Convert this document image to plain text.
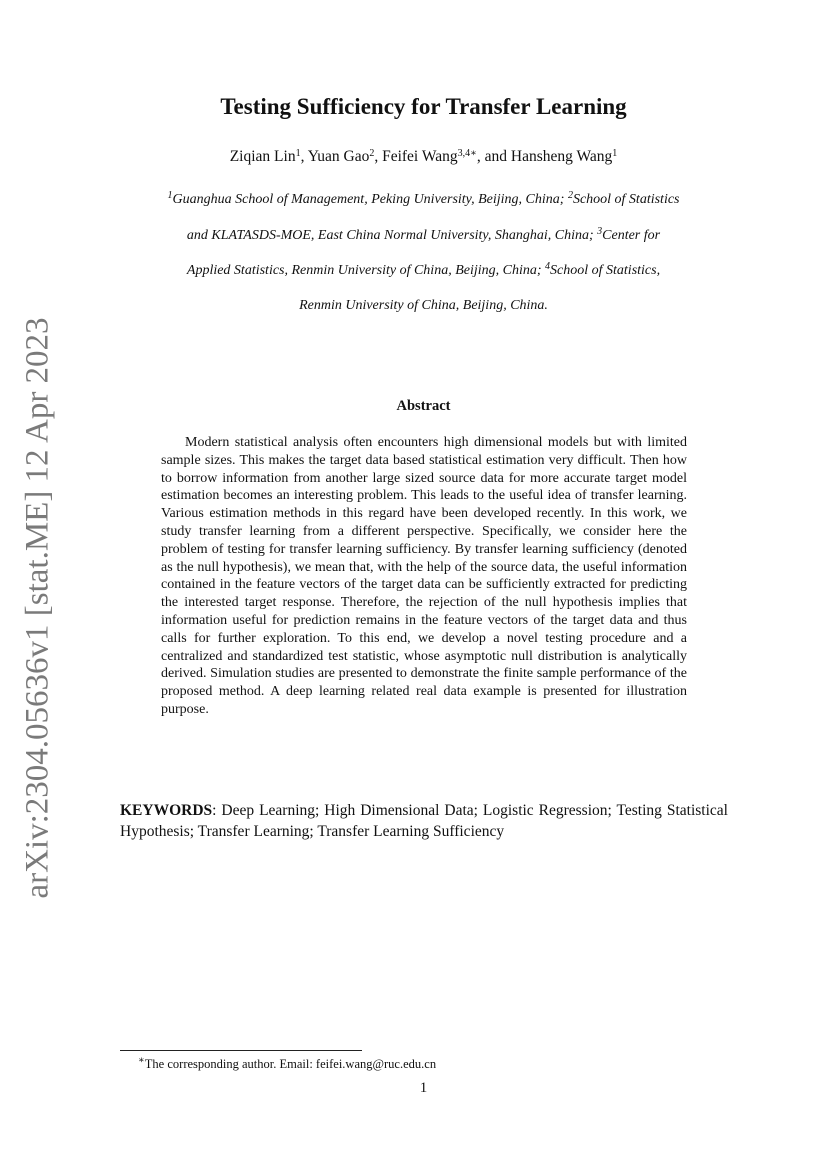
arXiv:2304.05636v1 [stat.ME] 12 Apr 2023
Testing Sufficiency for Transfer Learning
Ziqian Lin$^1$, Yuan Gao$^2$, Feifei Wang$^{3,4∗}$, and Hansheng Wang$^1$
$^1$Guanghua School of Management, Peking University, Beijing, China; $^2$School of Statistics
and KLATASDS-MOE, East China Normal University, Shanghai, China; $^3$Center for
Applied Statistics, Renmin University of China, Beijing, China; $^4$School of Statistics,
Renmin University of China, Beijing, China.
Abstract

Modern statistical analysis often encounters high dimensional models but with limited sample sizes. This makes the target data based statistical estimation very difficult. Then how to borrow information from another large sized source data for more accurate target model estimation becomes an interesting problem. This leads to the useful idea of transfer learning. Various estimation methods in this regard have been developed recently. In this work, we study transfer learning from a different perspective. Specifically, we consider here the problem of testing for transfer learning sufficiency. By transfer learning sufficiency (denoted as the null hypothesis), we mean that, with the help of the source data, the useful information contained in the feature vectors of the target data can be sufficiently extracted for predicting the interested target response. Therefore, the rejection of the null hypothesis implies that information useful for prediction remains in the feature vectors of the target data and thus calls for further exploration. To this end, we develop a novel testing procedure and a centralized and standardized test statistic, whose asymptotic null distribution is analytically derived. Simulation studies are presented to demonstrate the finite sample performance of the proposed method. A deep learning related real data example is presented for illustration purpose.

KEYWORDS: Deep Learning; High Dimensional Data; Logistic Regression; Testing Statistical Hypothesis; Transfer Learning; Transfer Learning Sufficiency

∗The corresponding author. Email: feifei.wang@ruc.edu.cn
1
